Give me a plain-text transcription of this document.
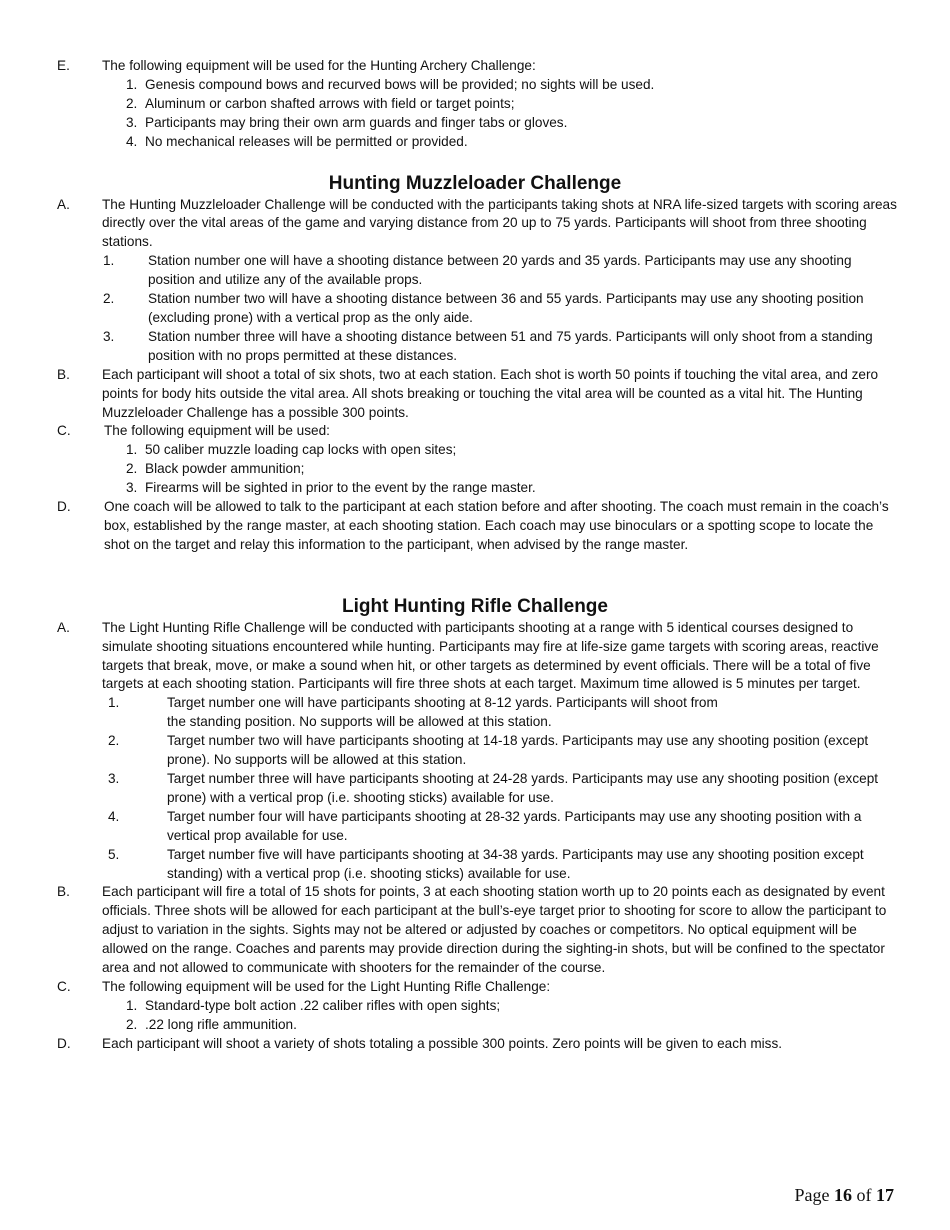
E. The following equipment will be used for the Hunting Archery Challenge:
1. Genesis compound bows and recurved bows will be provided; no sights will be used.
2. Aluminum or carbon shafted arrows with field or target points;
3. Participants may bring their own arm guards and finger tabs or gloves.
4. No mechanical releases will be permitted or provided.
Hunting Muzzleloader Challenge
A. The Hunting Muzzleloader Challenge will be conducted with the participants taking shots at NRA life-sized targets with scoring areas directly over the vital areas of the game and varying distance from 20 up to 75 yards. Participants will shoot from three shooting stations.
1. Station number one will have a shooting distance between 20 yards and 35 yards. Participants may use any shooting position and utilize any of the available props.
2. Station number two will have a shooting distance between 36 and 55 yards. Participants may use any shooting position (excluding prone) with a vertical prop as the only aide.
3. Station number three will have a shooting distance between 51 and 75 yards. Participants will only shoot from a standing position with no props permitted at these distances.
B. Each participant will shoot a total of six shots, two at each station. Each shot is worth 50 points if touching the vital area, and zero points for body hits outside the vital area. All shots breaking or touching the vital area will be counted as a vital hit. The Hunting Muzzleloader Challenge has a possible 300 points.
C. The following equipment will be used:
1. 50 caliber muzzle loading cap locks with open sites;
2. Black powder ammunition;
3. Firearms will be sighted in prior to the event by the range master.
D. One coach will be allowed to talk to the participant at each station before and after shooting. The coach must remain in the coach’s box, established by the range master, at each shooting station. Each coach may use binoculars or a spotting scope to locate the shot on the target and relay this information to the participant, when advised by the range master.
Light Hunting Rifle Challenge
A. The Light Hunting Rifle Challenge will be conducted with participants shooting at a range with 5 identical courses designed to simulate shooting situations encountered while hunting. Participants may fire at life-size game targets with scoring areas, reactive targets that break, move, or make a sound when hit, or other targets as determined by event officials. There will be a total of five targets at each shooting station. Participants will fire three shots at each target. Maximum time allowed is 5 minutes per target.
1.	Target number one will have participants shooting at 8-12 yards. Participants will shoot from the standing position. No supports will be allowed at this station.
2.	Target number two will have participants shooting at 14-18 yards. Participants may use any shooting position (except prone). No supports will be allowed at this station.
3.	Target number three will have participants shooting at 24-28 yards. Participants may use any shooting position (except prone) with a vertical prop (i.e. shooting sticks) available for use.
4.	Target number four will have participants shooting at 28-32 yards. Participants may use any shooting position with a vertical prop available for use.
5.	Target number five will have participants shooting at 34-38 yards. Participants may use any shooting position except standing) with a vertical prop (i.e. shooting sticks) available for use.
B. Each participant will fire a total of 15 shots for points, 3 at each shooting station worth up to 20 points each as designated by event officials. Three shots will be allowed for each participant at the bull’s-eye target prior to shooting for score to allow the participant to adjust to variation in the sights. Sights may not be altered or adjusted by coaches or competitors. No optical equipment will be allowed on the range. Coaches and parents may provide direction during the sighting-in shots, but will be confined to the spectator area and not allowed to communicate with shooters for the remainder of the course.
C. The following equipment will be used for the Light Hunting Rifle Challenge:
1. Standard-type bolt action .22 caliber rifles with open sights;
2. .22 long rifle ammunition.
D. Each participant will shoot a variety of shots totaling a possible 300 points. Zero points will be given to each miss.
Page 16 of 17
